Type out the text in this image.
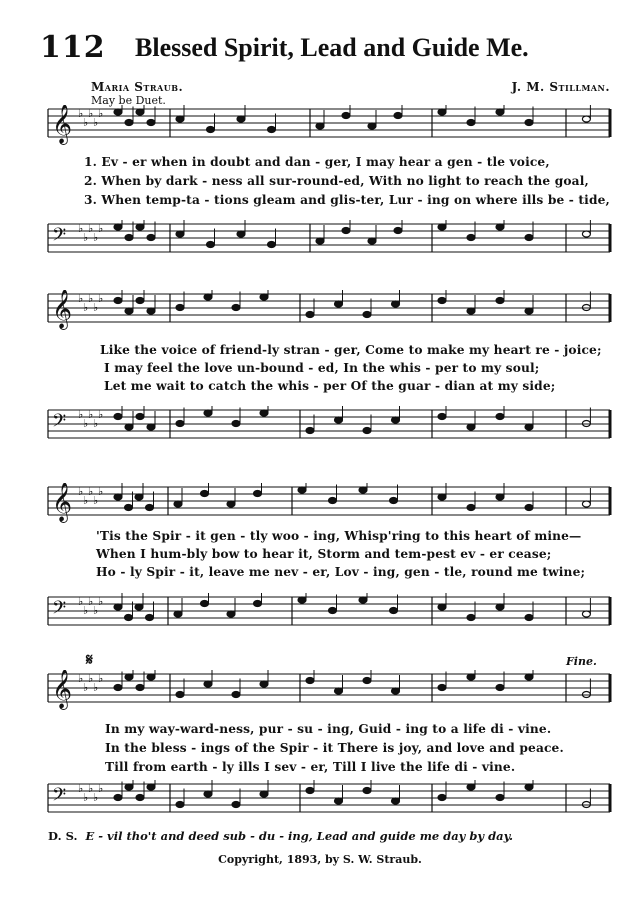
112 Blessed Spirit, Lead and Guide Me.
Maria Straub.	J. M. Stillman.
May be Duet.
𝄞 ♭
♭
♭
♭
♭
𝄢 ♭
♭
♭
♭
♭
𝄞 ♭
♭
♭
♭
♭
𝄢 ♭
♭
♭
♭
♭
𝄞 ♭
♭
♭
♭
♭
𝄢 ♭
♭
♭
♭
♭
𝄞 ♭
♭
♭
♭
♭
𝄢 ♭
♭
♭
♭
♭
𝄋	Fine.
1. Ev - er when in doubt and dan - ger, I may hear a gen - tle voice,
2. When by dark - ness all sur-round-ed, With no light to reach the goal,
3. When temp-ta - tions gleam and glis-ter, Lur - ing on where ills be - tide,
Like the voice of friend-ly stran - ger, Come to make my heart re - joice;
I may feel the love un-bound - ed, In the whis - per to my soul;
Let me wait to catch the whis - per Of the guar - dian at my side;
'Tis the Spir - it gen - tly woo - ing, Whisp'ring to this heart of mine—
When I hum-bly bow to hear it, Storm and tem-pest ev - er cease;
Ho - ly Spir - it, leave me nev - er, Lov - ing, gen - tle, round me twine;
In my way-ward-ness, pur - su - ing, Guid - ing to a life di - vine.
In the bless - ings of the Spir - it There is joy, and love and peace.
Till from earth - ly ills I sev - er, Till I live the life di - vine.
D. S. E - vil tho't and deed sub - du - ing, Lead and guide me day by day.
Copyright, 1893, by S. W. Straub.
